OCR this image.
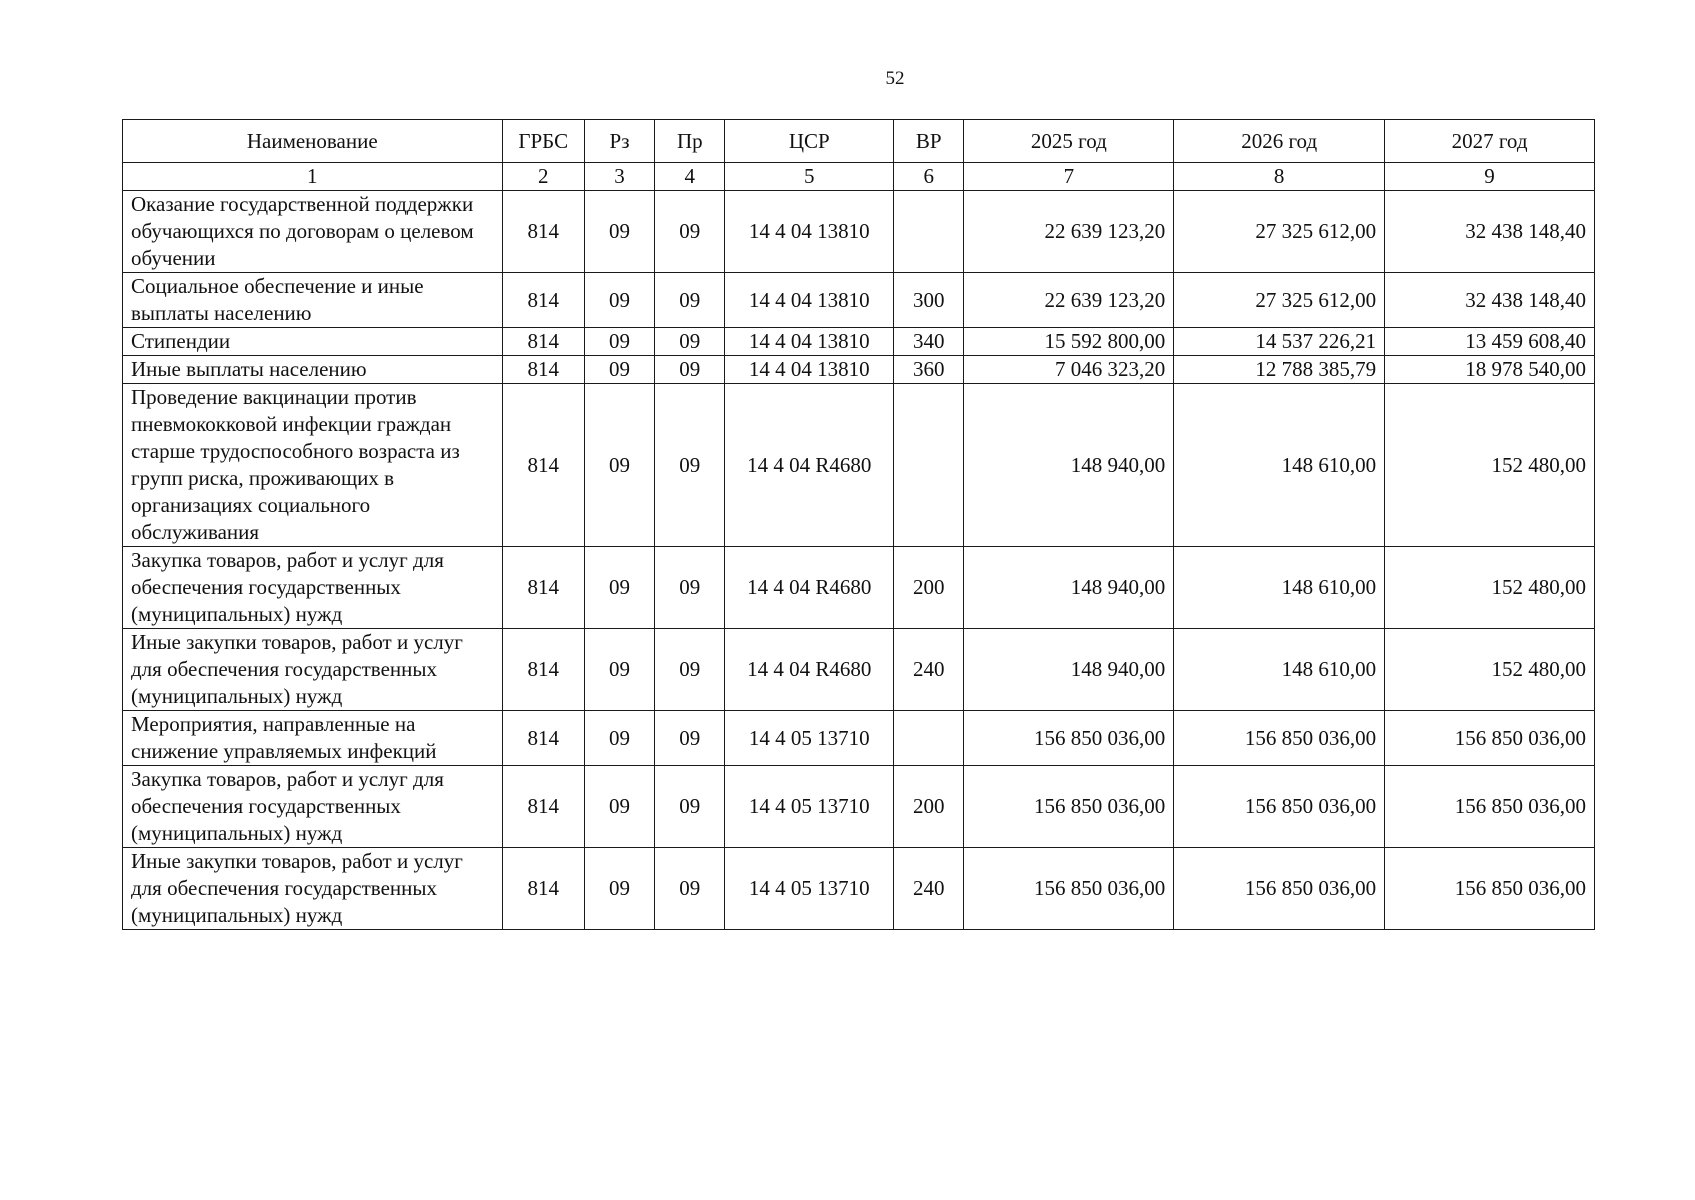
52
Наименование	ГРБС	Рз	Пр	ЦСР	ВР	2025 год	2026 год	2027 год
1	2	3	4	5	6	7	8	9
Оказание государственной поддержки обучающихся по договорам о целевом обучении	814	09	09	14 4 04 13810		22 639 123,20	27 325 612,00	32 438 148,40
Социальное обеспечение и иные выплаты населению	814	09	09	14 4 04 13810	300	22 639 123,20	27 325 612,00	32 438 148,40
Стипендии	814	09	09	14 4 04 13810	340	15 592 800,00	14 537 226,21	13 459 608,40
Иные выплаты населению	814	09	09	14 4 04 13810	360	7 046 323,20	12 788 385,79	18 978 540,00
Проведение вакцинации против пневмококковой инфекции граждан старше трудоспособного возраста из групп риска, проживающих в организациях социального обслуживания	814	09	09	14 4 04 R4680		148 940,00	148 610,00	152 480,00
Закупка товаров, работ и услуг для обеспечения государственных (муниципальных) нужд	814	09	09	14 4 04 R4680	200	148 940,00	148 610,00	152 480,00
Иные закупки товаров, работ и услуг для обеспечения государственных (муниципальных) нужд	814	09	09	14 4 04 R4680	240	148 940,00	148 610,00	152 480,00
Мероприятия, направленные на снижение управляемых инфекций	814	09	09	14 4 05 13710		156 850 036,00	156 850 036,00	156 850 036,00
Закупка товаров, работ и услуг для обеспечения государственных (муниципальных) нужд	814	09	09	14 4 05 13710	200	156 850 036,00	156 850 036,00	156 850 036,00
Иные закупки товаров, работ и услуг для обеспечения государственных (муниципальных) нужд	814	09	09	14 4 05 13710	240	156 850 036,00	156 850 036,00	156 850 036,00
